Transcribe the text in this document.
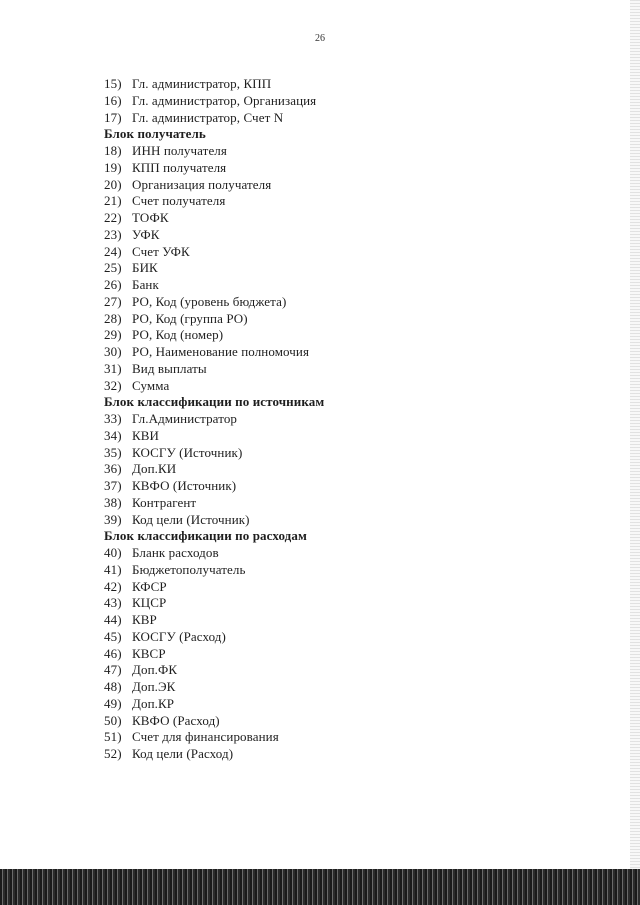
26
15) Гл. администратор, КПП
16) Гл. администратор, Организация
17) Гл. администратор, Счет N
Блок получатель
18) ИНН получателя
19) КПП получателя
20) Организация получателя
21) Счет получателя
22) ТОФК
23) УФК
24) Счет УФК
25) БИК
26) Банк
27) РО, Код (уровень бюджета)
28) РО, Код (группа РО)
29) РО, Код (номер)
30) РО, Наименование полномочия
31) Вид выплаты
32) Сумма
Блок классификации по источникам
33) Гл.Администратор
34) КВИ
35) КОСГУ (Источник)
36) Доп.КИ
37) КВФО (Источник)
38) Контрагент
39) Код цели (Источник)
Блок классификации по расходам
40) Бланк расходов
41) Бюджетополучатель
42) КФСР
43) КЦСР
44) КВР
45) КОСГУ (Расход)
46) КВСР
47) Доп.ФК
48) Доп.ЭК
49) Доп.КР
50) КВФО (Расход)
51) Счет для финансирования
52) Код цели (Расход)
